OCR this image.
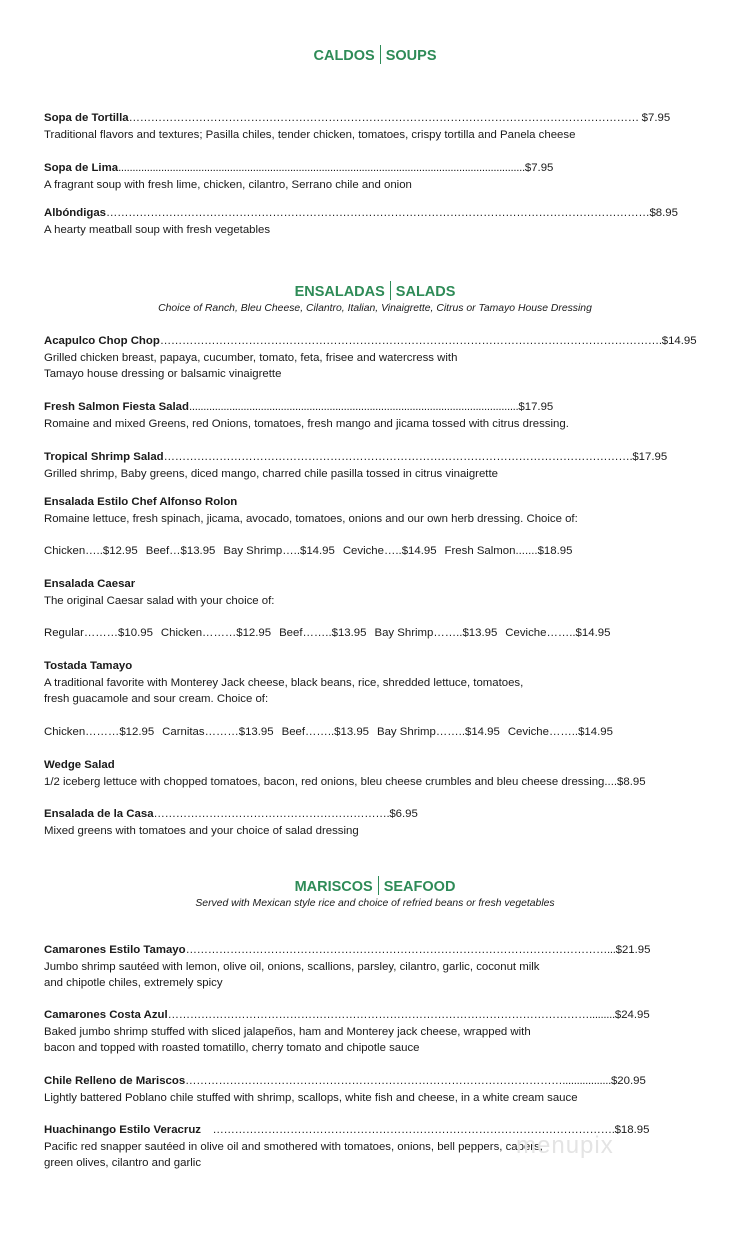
CALDOS SOUPS
Sopa de Tortilla………………………………………………………………………………………………………………………… $7.95
Traditional flavors and textures; Pasilla chiles, tender chicken, tomatoes, crispy tortilla and Panela cheese
Sopa de Lima..............................................................................................................................................$7.95
A fragrant soup with fresh lime, chicken, cilantro, Serrano chile and onion
Albóndigas…………………………………………………………………………………………………………………………………$8.95
A hearty meatball soup with fresh vegetables
ENSALADAS SALADS
Choice of Ranch, Bleu Cheese, Cilantro, Italian, Vinaigrette, Citrus or Tamayo House Dressing
Acapulco Chop Chop……………………………………………………………………………………………………………………….$14.95
Grilled chicken breast, papaya, cucumber, tomato, feta, frisee and watercress with
Tamayo house dressing or balsamic vinaigrette
Fresh Salmon Fiesta Salad...................................................................................................................$17.95
Romaine and mixed Greens, red Onions, tomatoes, fresh mango and jicama tossed with citrus dressing.
Tropical Shrimp Salad……………………………………………………………………………………………………………….$17.95
Grilled shrimp, Baby greens, diced mango, charred chile pasilla tossed in citrus vinaigrette
Ensalada Estilo Chef Alfonso Rolon
Romaine lettuce, fresh spinach, jicama, avocado, tomatoes, onions and our own herb dressing. Choice of:
Chicken…..$12.95 Beef…$13.95 Bay Shrimp…..$14.95 Ceviche…..$14.95 Fresh Salmon.......$18.95
Ensalada Caesar
The original Caesar salad with your choice of:
Regular………$10.95 Chicken………$12.95 Beef……..$13.95 Bay Shrimp……..$13.95 Ceviche……..$14.95
Tostada Tamayo
A traditional favorite with Monterey Jack cheese, black beans, rice, shredded lettuce, tomatoes,
fresh guacamole and sour cream. Choice of:
Chicken………$12.95 Carnitas………$13.95 Beef……..$13.95 Bay Shrimp……..$14.95 Ceviche……..$14.95
Wedge Salad
1/2 iceberg lettuce with chopped tomatoes, bacon, red onions, bleu cheese crumbles and bleu cheese dressing....$8.95
Ensalada de la Casa……………………………………………………….$6.95
Mixed greens with tomatoes and your choice of salad dressing
MARISCOS SEAFOOD
Served with Mexican style rice and choice of refried beans or fresh vegetables
Camarones Estilo Tamayo……………………………………………………………………………………………………...$21.95
Jumbo shrimp sautéed with lemon, olive oil, onions, scallions, parsley, cilantro, garlic, coconut milk
and chipotle chiles, extremely spicy
Camarones Costa Azul…………………………………………………………………………………………………….........$24.95
Baked jumbo shrimp stuffed with sliced jalapeños, ham and Monterey jack cheese, wrapped with
bacon and topped with roasted tomatillo, cherry tomato and chipotle sauce
Chile Relleno de Mariscos………………………………………………………………………………………….................$20.95
Lightly battered Poblano chile stuffed with shrimp, scallops, white fish and cheese, in a white cream sauce
Huachinango Estilo Veracruz    ……………………………………………………………………………………………….$18.95
Pacific red snapper sautéed in olive oil and smothered with tomatoes, onions, bell peppers, capers,
green olives, cilantro and garlic
menupix
